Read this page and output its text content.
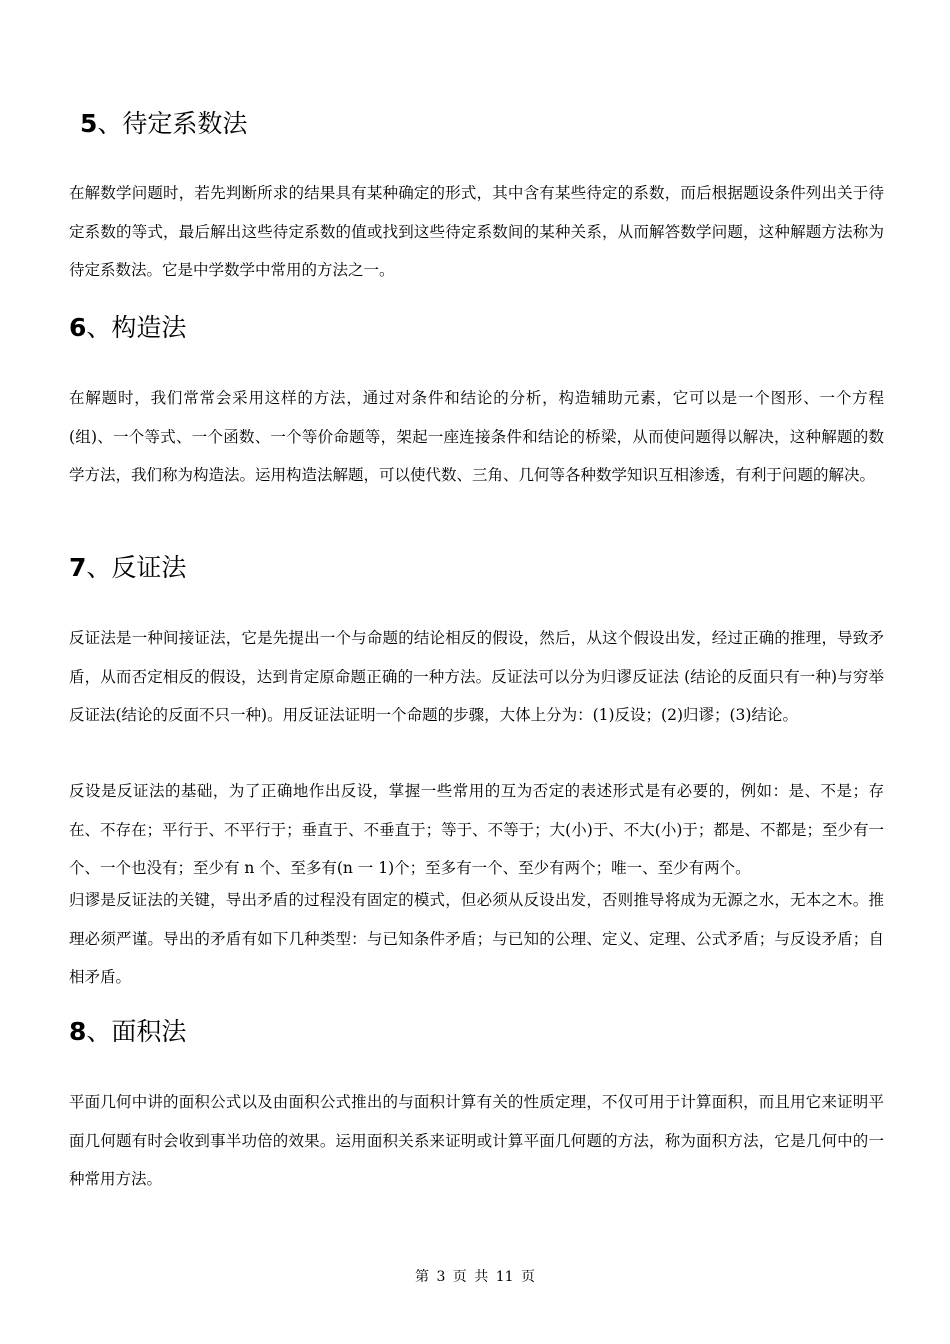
5、待定系数法

在解数学问题时，若先判断所求的结果具有某种确定的形式，其中含有某些待定的系数，而后根据题设条件列出关于待定系数的等式，最后解出这些待定系数的值或找到这些待定系数间的某种关系，从而解答数学问题，这种解题方法称为待定系数法。它是中学数学中常用的方法之一。

6、构造法

在解题时，我们常常会采用这样的方法，通过对条件和结论的分析，构造辅助元素，它可以是一个图形、一个方程(组)、一个等式、一个函数、一个等价命题等，架起一座连接条件和结论的桥梁，从而使问题得以解决，这种解题的数学方法，我们称为构造法。运用构造法解题，可以使代数、三角、几何等各种数学知识互相渗透，有利于问题的解决。

7、反证法

反证法是一种间接证法，它是先提出一个与命题的结论相反的假设，然后，从这个假设出发，经过正确的推理，导致矛盾，从而否定相反的假设，达到肯定原命题正确的一种方法。反证法可以分为归谬反证法 (结论的反面只有一种)与穷举反证法(结论的反面不只一种)。用反证法证明一个命题的步骤，大体上分为：(1)反设；(2)归谬；(3)结论。

反设是反证法的基础，为了正确地作出反设，掌握一些常用的互为否定的表述形式是有必要的，例如：是、不是；存在、不存在；平行于、不平行于；垂直于、不垂直于；等于、不等于；大(小)于、不大(小)于；都是、不都是；至少有一个、一个也没有；至少有 n 个、至多有(n 一 1)个；至多有一个、至少有两个；唯一、至少有两个。

归谬是反证法的关键，导出矛盾的过程没有固定的模式，但必须从反设出发，否则推导将成为无源之水，无本之木。推理必须严谨。导出的矛盾有如下几种类型：与已知条件矛盾；与已知的公理、定义、定理、公式矛盾；与反设矛盾；自相矛盾。

8、面积法

平面几何中讲的面积公式以及由面积公式推出的与面积计算有关的性质定理，不仅可用于计算面积，而且用它来证明平面几何题有时会收到事半功倍的效果。运用面积关系来证明或计算平面几何题的方法，称为面积方法，它是几何中的一种常用方法。

第 3 页 共 11 页
